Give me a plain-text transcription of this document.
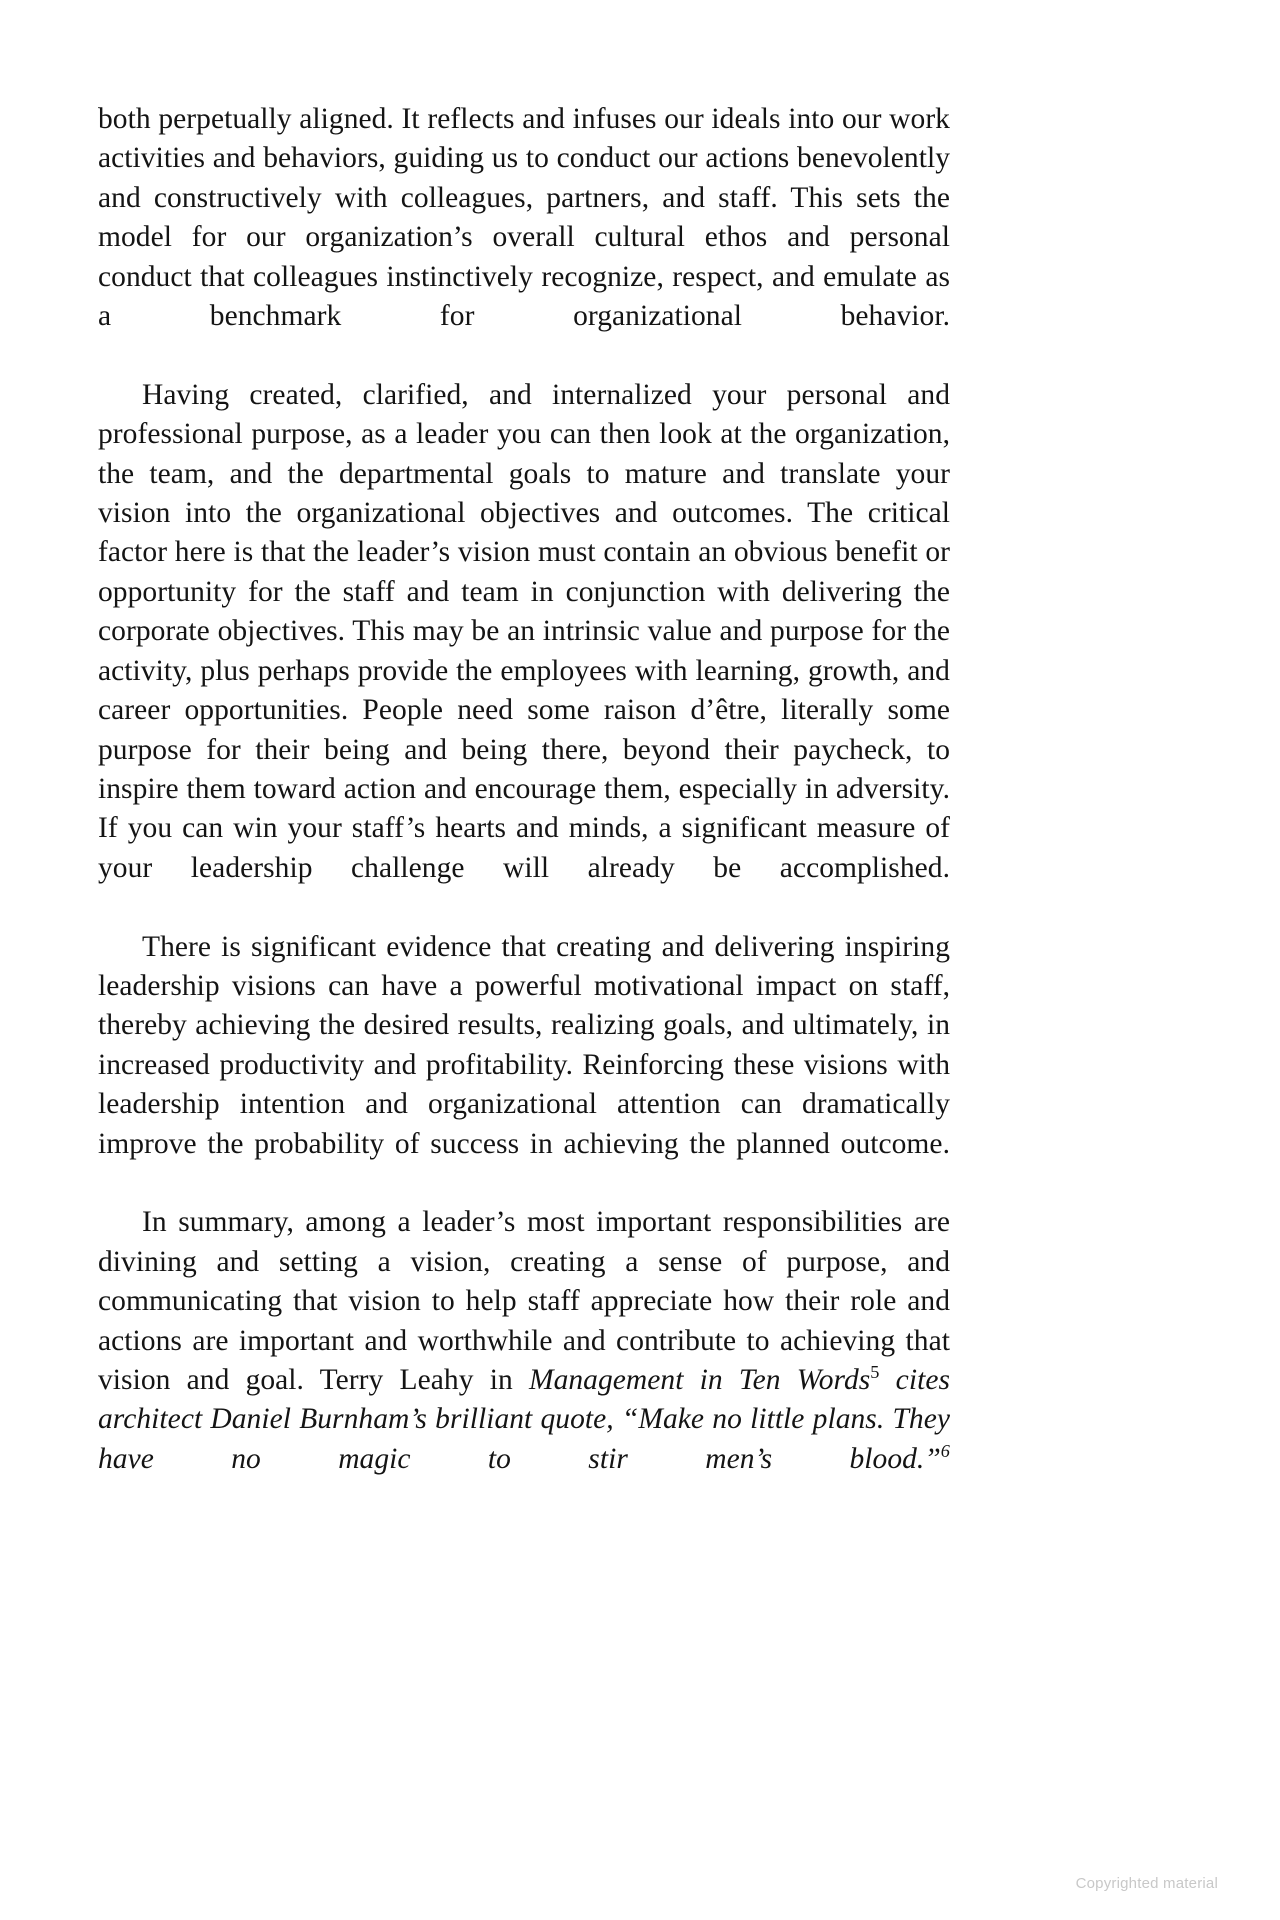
both perpetually aligned. It reflects and infuses our ideals into our work activities and behaviors, guiding us to conduct our actions benevolently and constructively with colleagues, partners, and staff. This sets the model for our organization’s overall cultural ethos and personal conduct that colleagues instinctively recognize, respect, and emulate as a benchmark for organizational behavior.

Having created, clarified, and internalized your personal and professional purpose, as a leader you can then look at the organization, the team, and the departmental goals to mature and translate your vision into the organizational objectives and outcomes. The critical factor here is that the leader’s vision must contain an obvious benefit or opportunity for the staff and team in conjunction with delivering the corporate objectives. This may be an intrinsic value and purpose for the activity, plus perhaps provide the employees with learning, growth, and career opportunities. People need some raison d’être, literally some purpose for their being and being there, beyond their paycheck, to inspire them toward action and encourage them, especially in adversity. If you can win your staff’s hearts and minds, a significant measure of your leadership challenge will already be accomplished.

There is significant evidence that creating and delivering inspiring leadership visions can have a powerful motivational impact on staff, thereby achieving the desired results, realizing goals, and ultimately, in increased productivity and profitability. Reinforcing these visions with leadership intention and organizational attention can dramatically improve the probability of success in achieving the planned outcome.

In summary, among a leader’s most important responsibilities are divining and setting a vision, creating a sense of purpose, and communicating that vision to help staff appreciate how their role and actions are important and worthwhile and contribute to achieving that vision and goal. Terry Leahy in Management in Ten Words$^5$ cites architect Daniel Burnham’s brilliant quote, “Make no little plans. They have no magic to stir men’s blood.”$^6$

Copyrighted material
